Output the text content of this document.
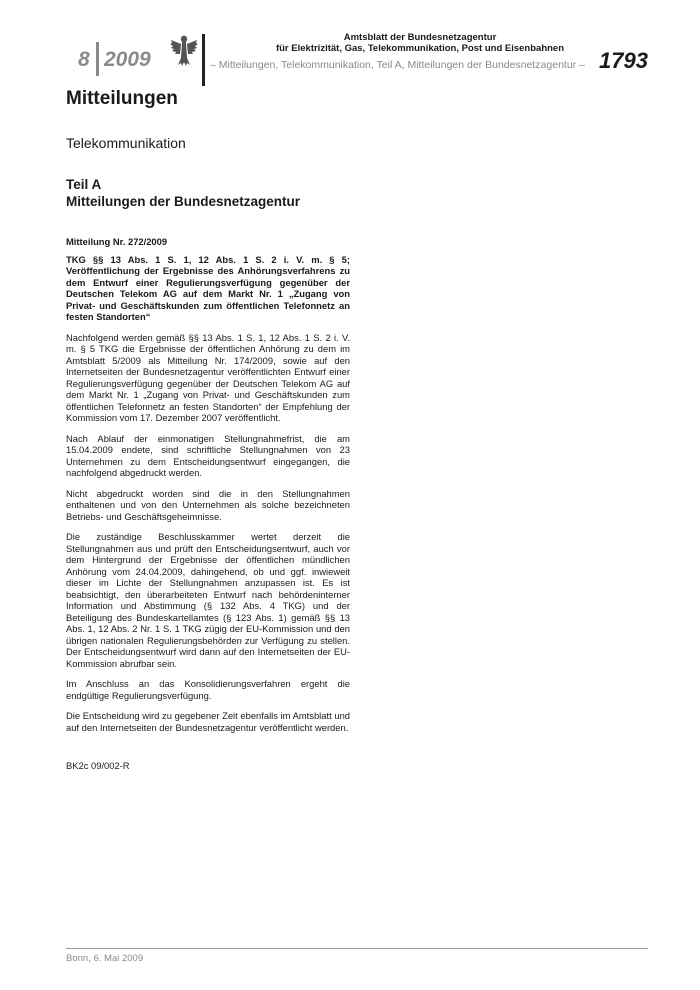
8 2009
Amtsblatt der Bundesnetzagentur
für Elektrizität, Gas, Telekommunikation, Post und Eisenbahnen
– Mitteilungen, Telekommunikation, Teil A, Mitteilungen der Bundesnetzagentur – 1793
Mitteilungen
Telekommunikation
Teil A
Mitteilungen der Bundesnetzagentur

Mitteilung Nr. 272/2009

TKG §§ 13 Abs. 1 S. 1, 12 Abs. 1 S. 2 i. V. m. § 5; Veröffentlichung der Ergebnisse des Anhörungsverfahrens zu dem Entwurf einer Regulierungsverfügung gegenüber der Deutschen Telekom AG auf dem Markt Nr. 1 „Zugang von Privat- und Geschäftskunden zum öffentlichen Telefonnetz an festen Standorten“

Nachfolgend werden gemäß §§ 13 Abs. 1 S. 1, 12 Abs. 1 S. 2 i. V. m. § 5 TKG die Ergebnisse der öffentlichen Anhörung zu dem im Amtsblatt 5/2009 als Mitteilung Nr. 174/2009, sowie auf den Internetseiten der Bundesnetzagentur veröffentlichten Entwurf einer Regulierungsverfügung gegenüber der Deutschen Telekom AG auf dem Markt Nr. 1 „Zugang von Privat- und Geschäftskunden zum öffentlichen Telefonnetz an festen Standorten“ der Empfehlung der Kommission vom 17. Dezember 2007 veröffentlicht.

Nach Ablauf der einmonatigen Stellungnahmefrist, die am 15.04.2009 endete, sind schriftliche Stellungnahmen von 23 Unternehmen zu dem Entscheidungsentwurf eingegangen, die nachfolgend abgedruckt werden.

Nicht abgedruckt worden sind die in den Stellungnahmen enthaltenen und von den Unternehmen als solche bezeichneten Betriebs- und Geschäftsgeheimnisse.

Die zuständige Beschlusskammer wertet derzeit die Stellungnahmen aus und prüft den Entscheidungsentwurf, auch vor dem Hintergrund der Ergebnisse der öffentlichen mündlichen Anhörung vom 24.04.2009, dahingehend, ob und ggf. inwieweit dieser im Lichte der Stellungnahmen anzupassen ist. Es ist beabsichtigt, den überarbeiteten Entwurf nach behördeninterner Information und Abstimmung (§ 132 Abs. 4 TKG) und der Beteiligung des Bundeskartellamtes (§ 123 Abs. 1) gemäß §§ 13 Abs. 1, 12 Abs. 2 Nr. 1 S. 1 TKG zügig der EU-Kommission und den übrigen nationalen Regulierungsbehörden zur Verfügung zu stellen. Der Entscheidungsentwurf wird dann auf den Internetseiten der EU-Kommission abrufbar sein.

Im Anschluss an das Konsolidierungsverfahren ergeht die endgültige Regulierungsverfügung.

Die Entscheidung wird zu gegebener Zeit ebenfalls im Amtsblatt und auf den Internetseiten der Bundesnetzagentur veröffentlicht werden.

BK2c 09/002-R

Bonn, 6. Mai 2009
